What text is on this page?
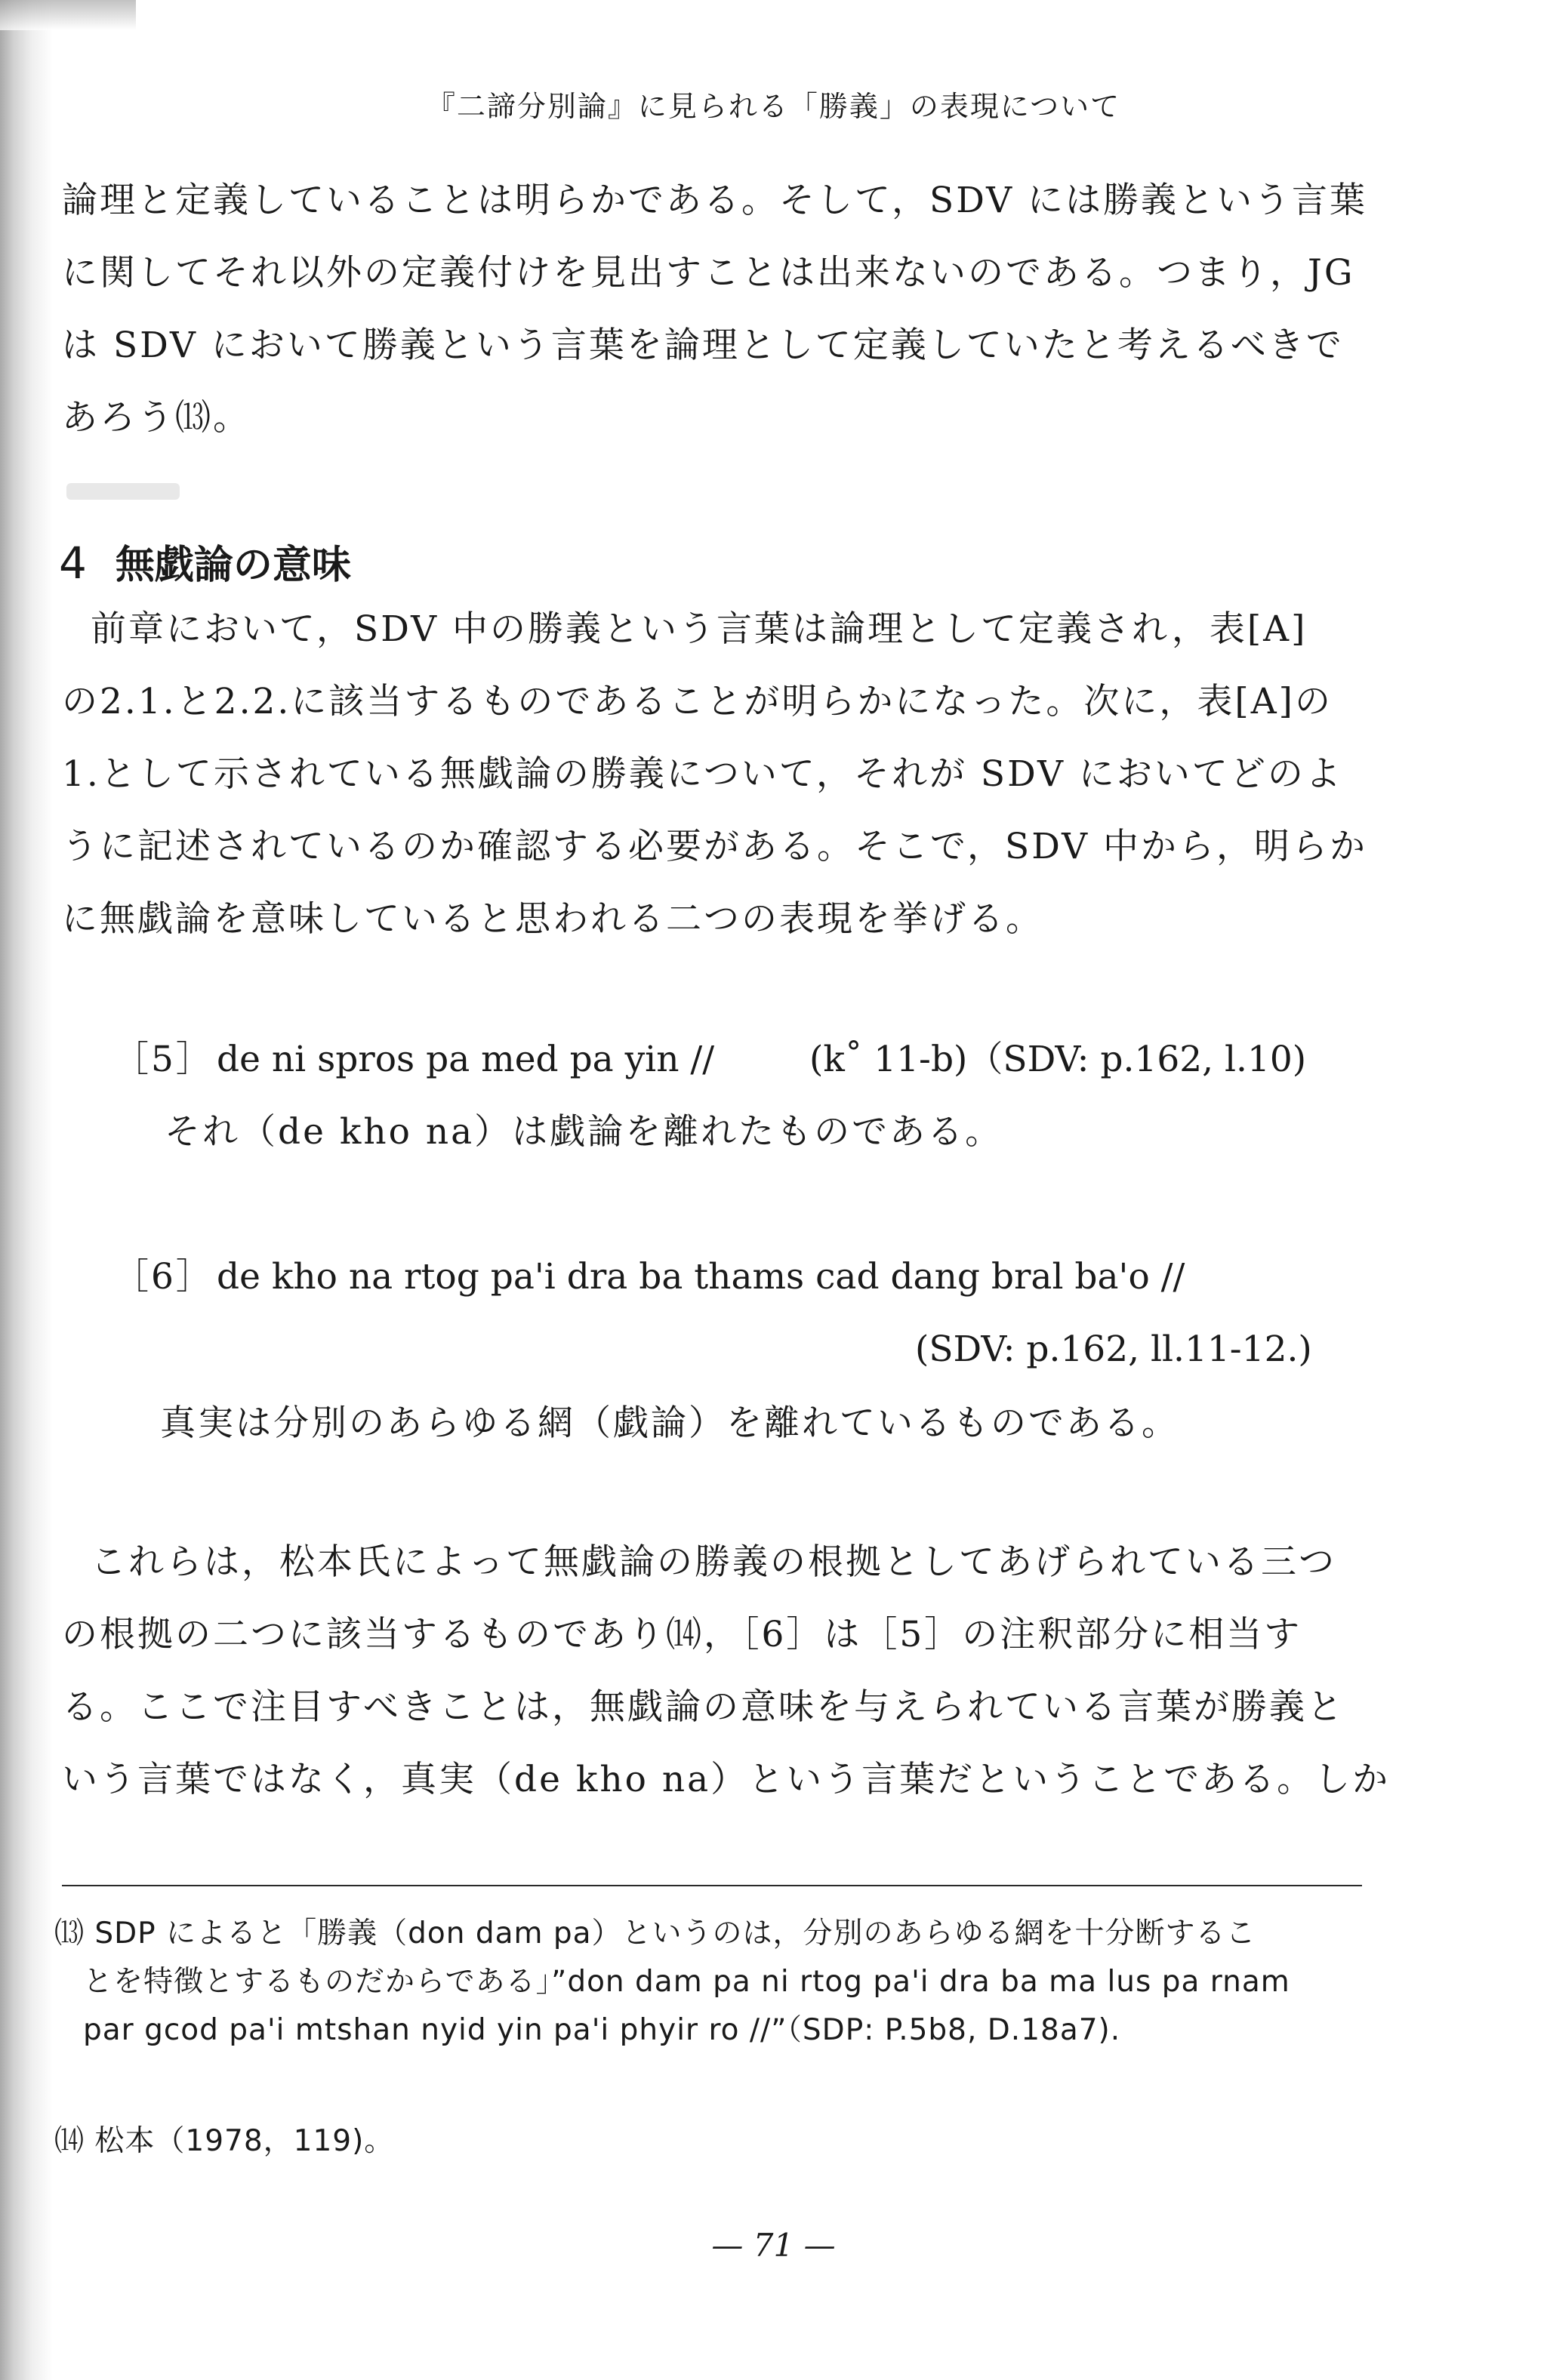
『二諦分別論』に見られる「勝義」の表現について
論理と定義していることは明らかである。そして，SDV には勝義という言葉
に関してそれ以外の定義付けを見出すことは出来ないのである。つまり，JG
は SDV において勝義という言葉を論理として定義していたと考えるべきで
あろう⒀。
4 無戯論の意味
前章において，SDV 中の勝義という言葉は論理として定義され，表[A]
の2.1.と2.2.に該当するものであることが明らかになった。次に，表[A]の
1.として示されている無戯論の勝義について，それが SDV においてどのよ
うに記述されているのか確認する必要がある。そこで，SDV 中から，明らか
に無戯論を意味していると思われる二つの表現を挙げる。
［5］ de ni spros pa med pa yin //	(k˚ 11-b)（SDV: p.162, l.10)
それ（de kho na）は戯論を離れたものである。
［6］ de kho na rtog pa'i dra ba thams cad dang bral ba'o //
(SDV: p.162, ll.11-12.)
真実は分別のあらゆる網（戯論）を離れているものである。
これらは，松本氏によって無戯論の勝義の根拠としてあげられている三つ
の根拠の二つに該当するものであり⒁，［6］は［5］の注釈部分に相当す
る。ここで注目すべきことは，無戯論の意味を与えられている言葉が勝義と
いう言葉ではなく，真実（de kho na）という言葉だということである。しか
⒀ SDP によると「勝義（don dam pa）というのは，分別のあらゆる網を十分断するこ
とを特徴とするものだからである」”don dam pa ni rtog pa'i dra ba ma lus pa rnam
par gcod pa'i mtshan nyid yin pa'i phyir ro //”（SDP: P.5b8, D.18a7).
⒁ 松本（1978，119)。
— 71 —
